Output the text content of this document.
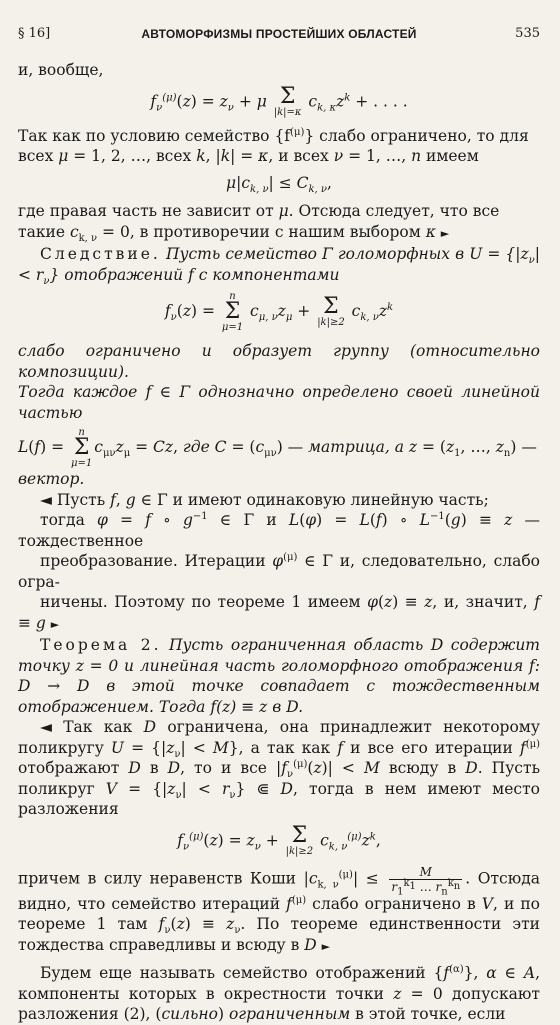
§ 16]	АВТОМОРФИЗМЫ ПРОСТЕЙШИХ ОБЛАСТЕЙ	535

и, вообще,

$f_\nu^{(\mu)}(z) = z_\nu + \mu$ Σ
|k|=κ
$c_{k, \kappa}z^k$ + . . . .

Так как по условию семейство $\{f^{(\mu)}\}$ слабо ограничено, то для
всех μ = 1, 2, …, всех k, |k| = κ, и всех ν = 1, …, n имеем

$\mu|c_{k, \nu}| \le C_{k, \nu}$,

где правая часть не зависит от μ. Отсюда следует, что все
такие $c_{k, \nu} = 0$, в противоречии с нашим выбором κ ►

Следствие. Пусть семейство Γ голоморфных в $U = \{|z_\nu| < r_\nu\}$ отображений f с компонентами

$f_\nu(z)$ =
n
Σ
μ=1
$c_{\mu, \nu}z_\mu + \Sigma$
|k|≥2
$c_{k, \nu}z^k$

слабо ограничено и образует группу (относительно композиции).
Тогда каждое f ∈ Γ однозначно определено своей линейной частью

L(f) =
n
Σ
μ=1
$c_{\mu\nu}z_\mu = Cz$, где $C = (c_{\mu\nu})$ — матрица, а $z = (z_1$, …, $z_n$) —
вектор.

◄ Пусть f, g ∈ Γ и имеют одинаковую линейную часть;
тогда φ = f ∘ $g^{-1}$ ∈ Γ и L(φ) = L(f) ∘ $L^{-1}(g) \equiv z$ — тождественное
преобразование. Итерации $\varphi^{(\mu)}$ ∈ Γ и, следовательно, слабо огра-
ничены. Поэтому по теореме 1 имеем φ(z) ≡ z, и, значит, f ≡ g ►

Теорема 2. Пусть ограниченная область D содержит точку z = 0 и линейная часть голоморфного отображения f: D → D в этой точке совпадает с тождественным отображением. Тогда f(z) ≡ z в D.

◄ Так как D ограничена, она принадлежит некоторому поликругу $U = \{|z_\nu| < M\}$, а так как f и все его итерации $f^{(\mu)}$ отображают D в D, то и все $|f_\nu^{(\mu)}(z)| < M$ всюду в D. Пусть поликруг $V = \{|z_\nu| < r_\nu\}$ ⋐ D, тогда в нем имеют место разложения

$f_\nu^{(\mu)}(z) = z_\nu + \Sigma$
|k|≥2
$c_{k, \nu}^{(\mu)}z^k$,

причем в силу неравенств Коши $|c_{k, \nu}^{(\mu)}| \le \frac{M}{r_1^{k_1} \dots r_n^{k_n}}$ . Отсюда видно, что семейство итераций $f^{(\mu)}$ слабо ограничено в V, и по теореме 1 там $f_\nu(z) \equiv z_\nu$. По теореме единственности эти тождества справедливы и всюду в D ►

Будем еще называть семейство отображений $\{f^{(\alpha)}\}$, α ∈ A, компоненты которых в окрестности точки z = 0 допускают разложения (2), (сильно) ограниченным в этой точке, если
